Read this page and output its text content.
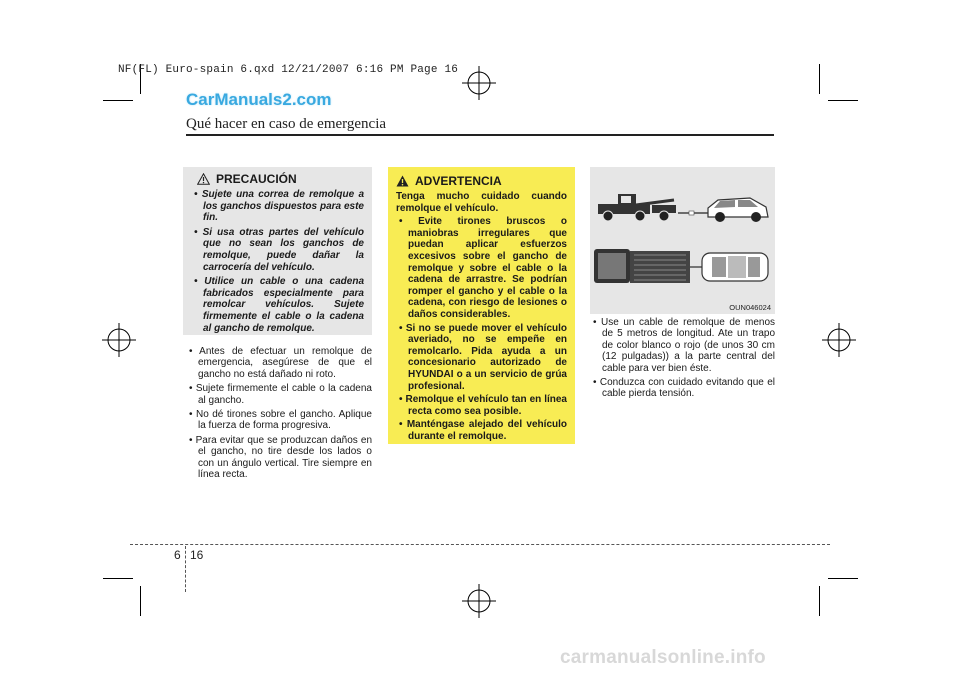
NF(FL) Euro-spain 6.qxd 12/21/2007 6:16 PM Page 16
CarManuals2.com
Qué hacer en caso de emergencia
PRECAUCIÓN
• Sujete una correa de remolque a los ganchos dispuestos para este fin.
• Si usa otras partes del vehículo que no sean los ganchos de remolque, puede dañar la carrocería del vehículo.
• Utilice un cable o una cadena fabricados especialmente para remolcar vehículos. Sujete firmemente el cable o la cadena al gancho de remolque.
• Antes de efectuar un remolque de emergencia, asegúrese de que el gancho no está dañado ni roto.
• Sujete firmemente el cable o la cadena al gancho.
• No dé tirones sobre el gancho. Aplique la fuerza de forma progresiva.
• Para evitar que se produzcan daños en el gancho, no tire desde los lados o con un ángulo vertical. Tire siempre en línea recta.
ADVERTENCIA
Tenga mucho cuidado cuando remolque el vehículo.
• Evite tirones bruscos o maniobras irregulares que puedan aplicar esfuerzos excesivos sobre el gancho de remolque y sobre el cable o la cadena de arrastre. Se podrían romper el gancho y el cable o la cadena, con riesgo de lesiones o daños considerables.
• Si no se puede mover el vehículo averiado, no se empeñe en remolcarlo. Pida ayuda a un concesionario autorizado de HYUNDAI o a un servicio de grúa profesional.
• Remolque el vehículo tan en línea recta como sea posible.
• Manténgase alejado del vehículo durante el remolque.
OUN046024
• Use un cable de remolque de menos de 5 metros de longitud. Ate un trapo de color blanco o rojo (de unos 30 cm (12 pulgadas)) a la parte central del cable para ver bien éste.
• Conduzca con cuidado evitando que el cable pierda tensión.
6 16
carmanualsonline.info
